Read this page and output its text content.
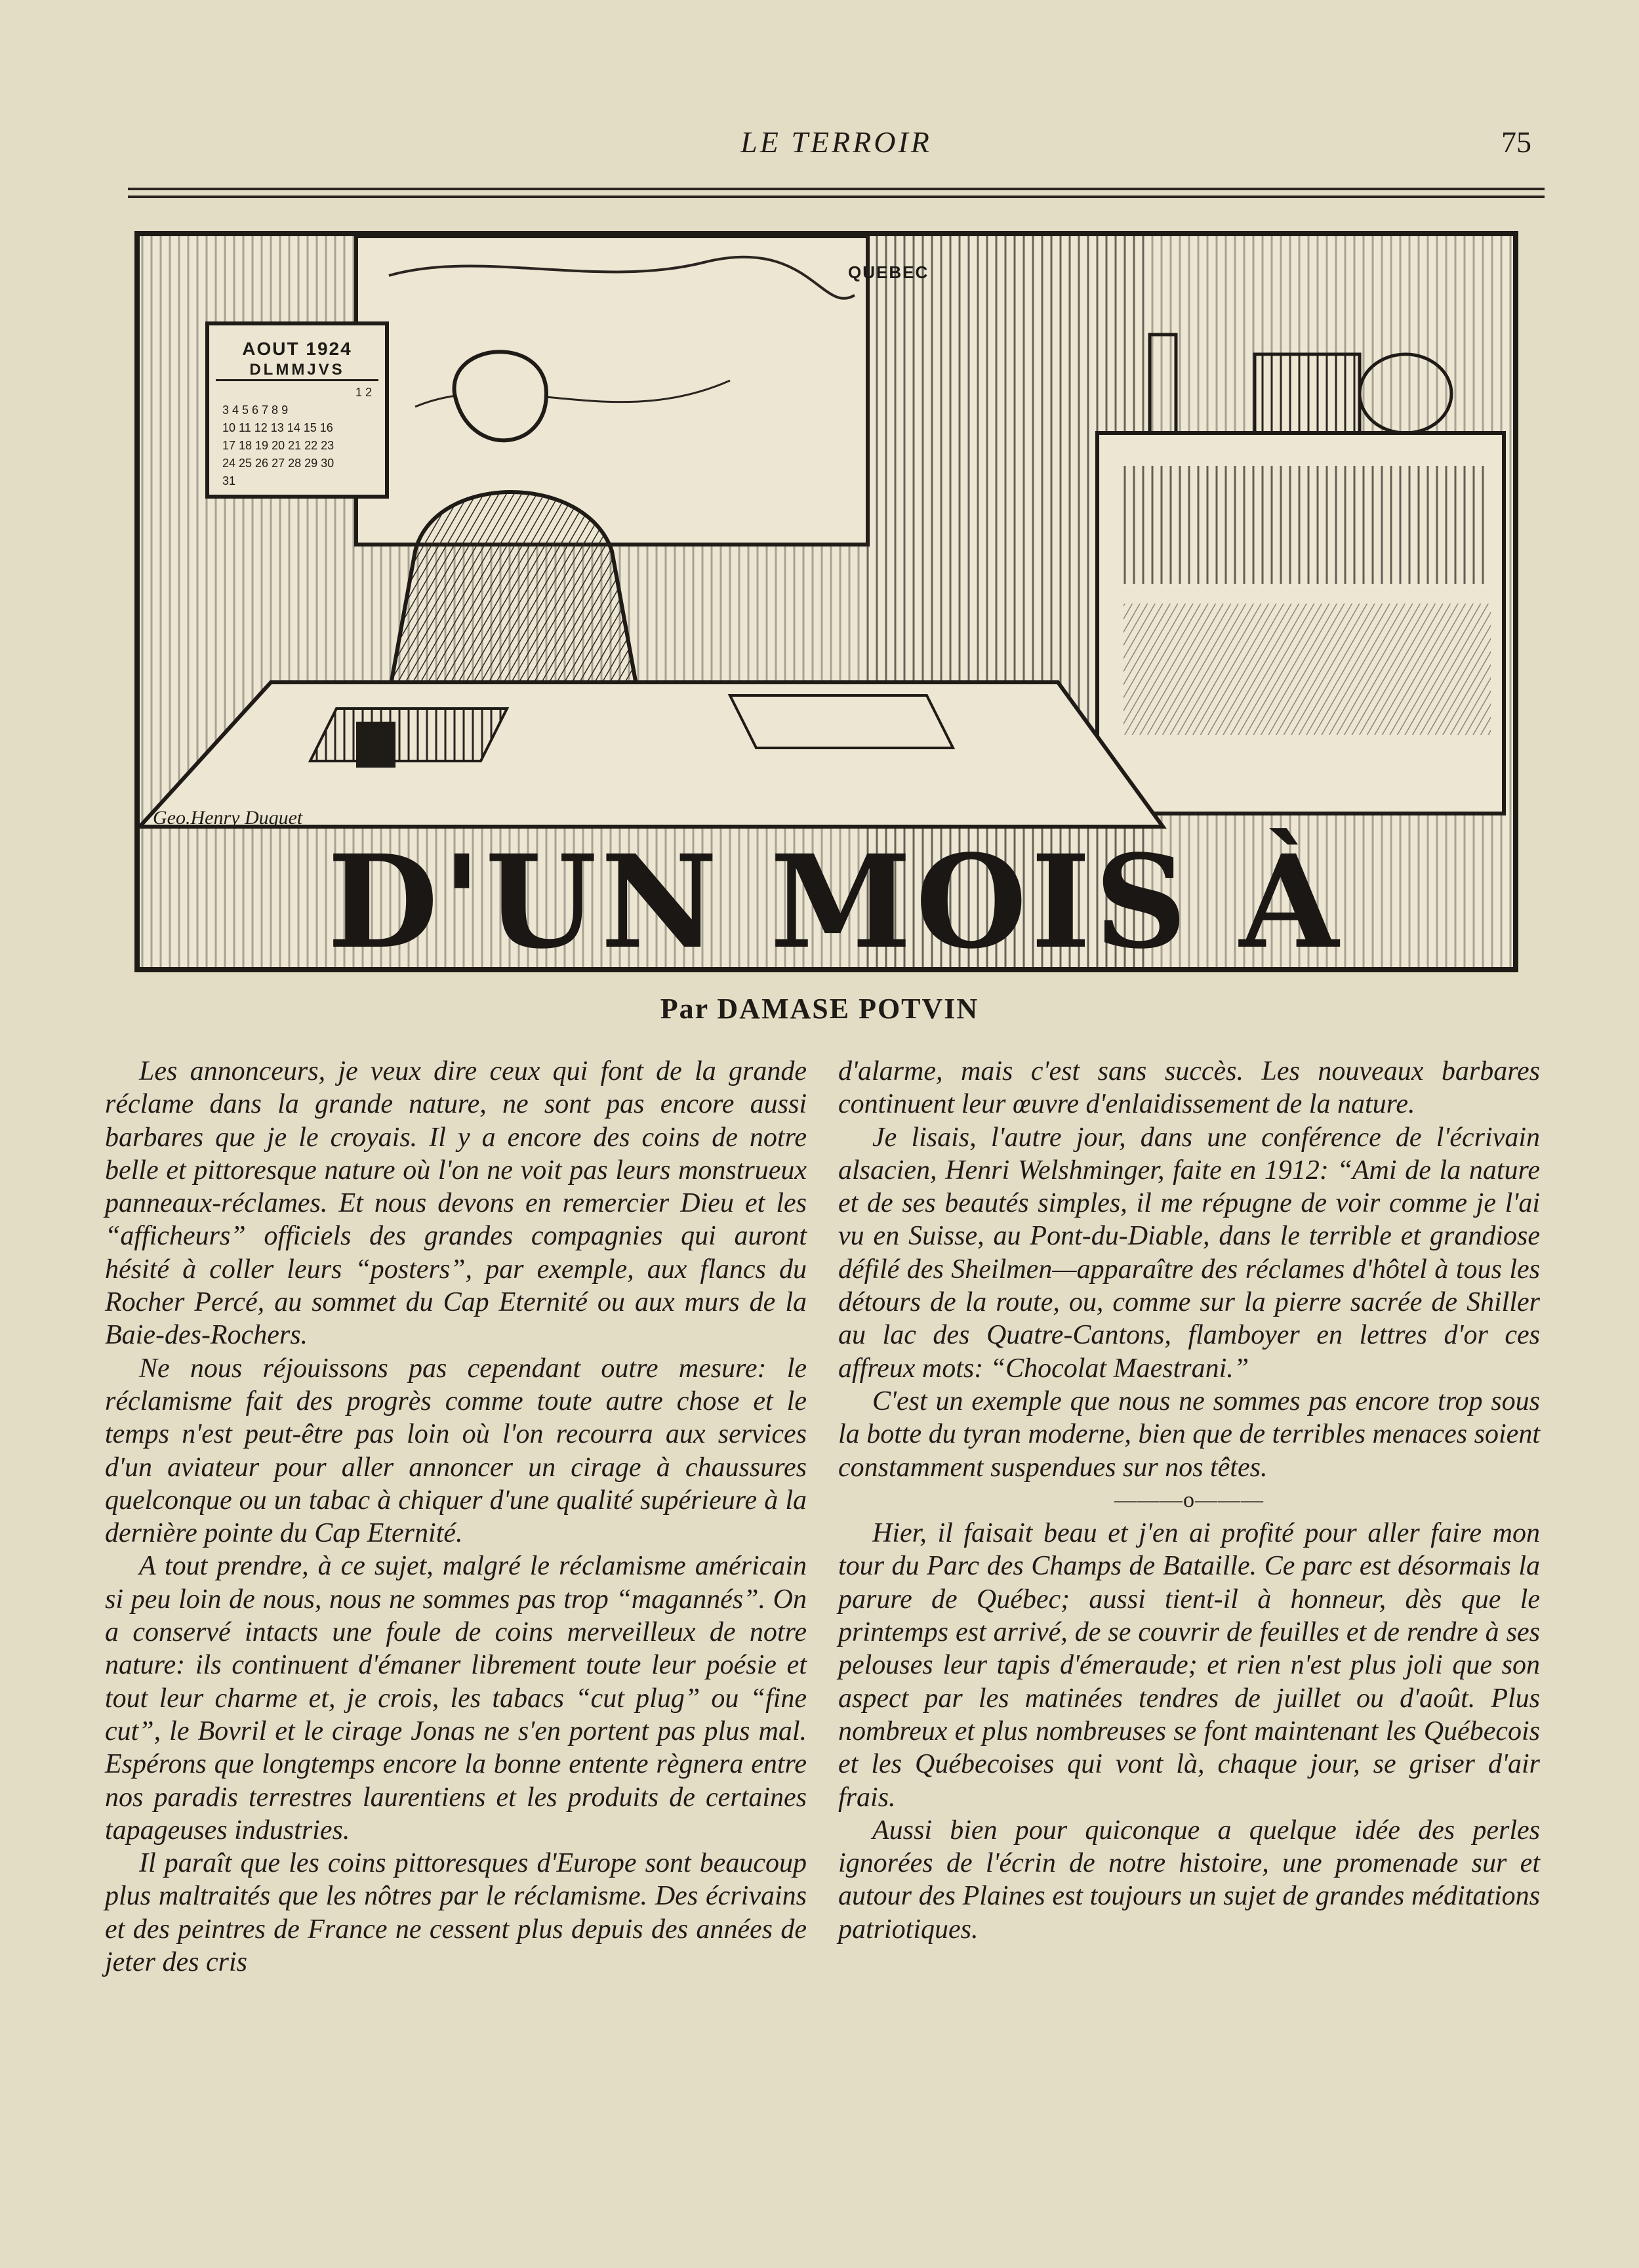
LE TERROIR	75
AOUT 1924
DLMMJVS
1 2
3 4 5 6 7 8 9
10 11 12 13 14 15 16
17 18 19 20 21 22 23
24 25 26 27 28 29 30
31
QUEBEC
Geo.Henry Duquet
D'UN MOIS À
Par DAMASE POTVIN

Les annonceurs, je veux dire ceux qui font de la grande réclame dans la grande nature, ne sont pas encore aussi barbares que je le croyais. Il y a encore des coins de notre belle et pittoresque nature où l'on ne voit pas leurs monstrueux panneaux-réclames. Et nous devons en remercier Dieu et les “afficheurs” officiels des grandes compagnies qui auront hésité à coller leurs “posters”, par exemple, aux flancs du Rocher Percé, au sommet du Cap Eternité ou aux murs de la Baie-des-Rochers.

Ne nous réjouissons pas cependant outre mesure: le réclamisme fait des progrès comme toute autre chose et le temps n'est peut-être pas loin où l'on recourra aux services d'un aviateur pour aller annoncer un cirage à chaussures quelconque ou un tabac à chiquer d'une qualité supérieure à la dernière pointe du Cap Eternité.

A tout prendre, à ce sujet, malgré le réclamisme américain si peu loin de nous, nous ne sommes pas trop “magannés”. On a conservé intacts une foule de coins merveilleux de notre nature: ils continuent d'émaner librement toute leur poésie et tout leur charme et, je crois, les tabacs “cut plug” ou “fine cut”, le Bovril et le cirage Jonas ne s'en portent pas plus mal. Espérons que longtemps encore la bonne entente règnera entre nos paradis terrestres laurentiens et les produits de certaines tapageuses industries.

Il paraît que les coins pittoresques d'Europe sont beaucoup plus maltraités que les nôtres par le réclamisme. Des écrivains et des peintres de France ne cessent plus depuis des années de jeter des cris

d'alarme, mais c'est sans succès. Les nouveaux barbares continuent leur œuvre d'enlaidissement de la nature.

Je lisais, l'autre jour, dans une conférence de l'écrivain alsacien, Henri Welshminger, faite en 1912: “Ami de la nature et de ses beautés simples, il me répugne de voir comme je l'ai vu en Suisse, au Pont-du-Diable, dans le terrible et grandiose défilé des Sheilmen—apparaître des réclames d'hôtel à tous les détours de la route, ou, comme sur la pierre sacrée de Shiller au lac des Quatre-Cantons, flamboyer en lettres d'or ces affreux mots: “Chocolat Maestrani.”

C'est un exemple que nous ne sommes pas encore trop sous la botte du tyran moderne, bien que de terribles menaces soient constamment suspendues sur nos têtes.

———o———

Hier, il faisait beau et j'en ai profité pour aller faire mon tour du Parc des Champs de Bataille. Ce parc est désormais la parure de Québec; aussi tient-il à honneur, dès que le printemps est arrivé, de se couvrir de feuilles et de rendre à ses pelouses leur tapis d'émeraude; et rien n'est plus joli que son aspect par les matinées tendres de juillet ou d'août. Plus nombreux et plus nombreuses se font maintenant les Québecois et les Québecoises qui vont là, chaque jour, se griser d'air frais.

Aussi bien pour quiconque a quelque idée des perles ignorées de l'écrin de notre histoire, une promenade sur et autour des Plaines est toujours un sujet de grandes méditations patriotiques.
